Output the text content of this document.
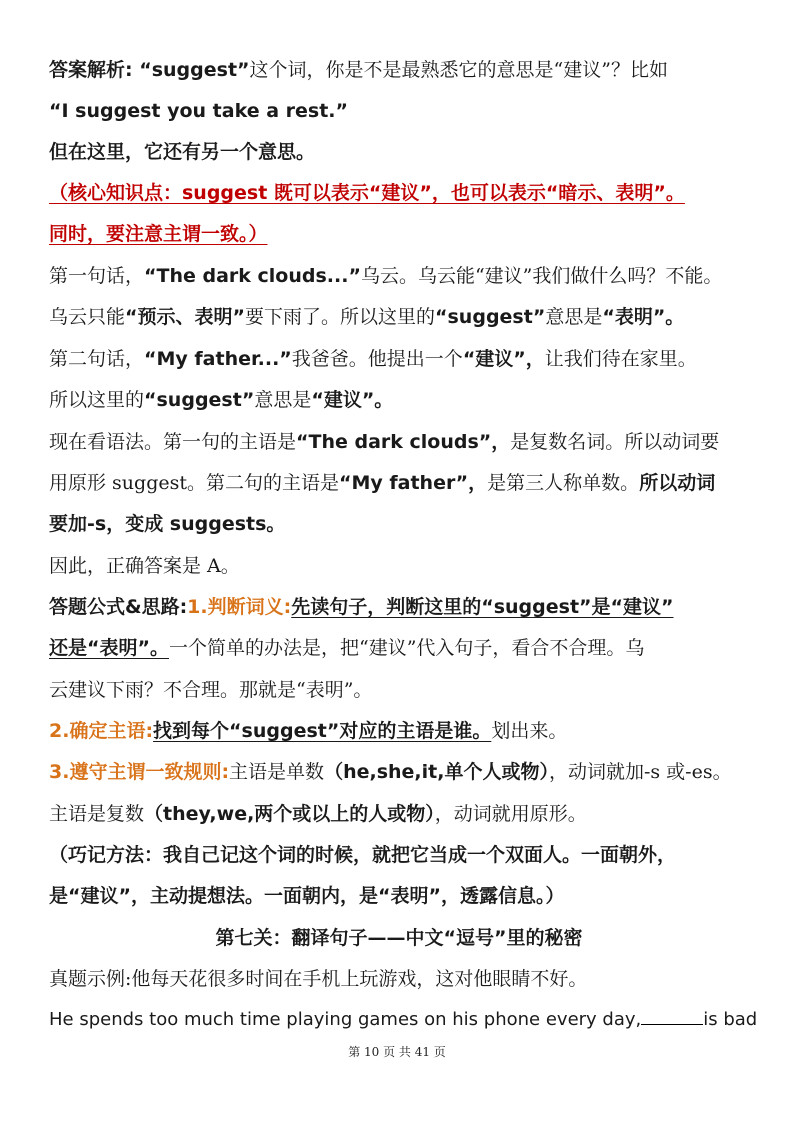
答案解析: “suggest”这个词，你是不是最熟悉它的意思是“建议”？比如
“I suggest you take a rest.”
但在这里，它还有另一个意思。
（核心知识点：suggest 既可以表示“建议”，也可以表示“暗示、表明”。
同时，要注意主谓一致。）
第一句话，“The dark clouds...”乌云。乌云能“建议”我们做什么吗？不能。
乌云只能“预示、表明”要下雨了。所以这里的“suggest”意思是“表明”。
第二句话，“My father...”我爸爸。他提出一个“建议”，让我们待在家里。
所以这里的“suggest”意思是“建议”。
现在看语法。第一句的主语是“The dark clouds”，是复数名词。所以动词要
用原形 suggest。第二句的主语是“My father”，是第三人称单数。所以动词
要加-s，变成 suggests。
因此，正确答案是 A。
答题公式&思路:1.判断词义:先读句子，判断这里的“suggest”是“建议”
还是“表明”。一个简单的办法是，把“建议”代入句子，看合不合理。乌
云建议下雨？不合理。那就是“表明”。
2.确定主语:找到每个“suggest”对应的主语是谁。划出来。
3.遵守主谓一致规则:主语是单数（he,she,it,单个人或物），动词就加-s 或-es。
主语是复数（they,we,两个或以上的人或物），动词就用原形。
（巧记方法：我自己记这个词的时候，就把它当成一个双面人。一面朝外，
是“建议”，主动提想法。一面朝内，是“表明”，透露信息。）
第七关：翻译句子——中文“逗号”里的秘密
真题示例:他每天花很多时间在手机上玩游戏，这对他眼睛不好。
He spends too much time playing games on his phone every day,	is bad
第 10 页 共 41 页
